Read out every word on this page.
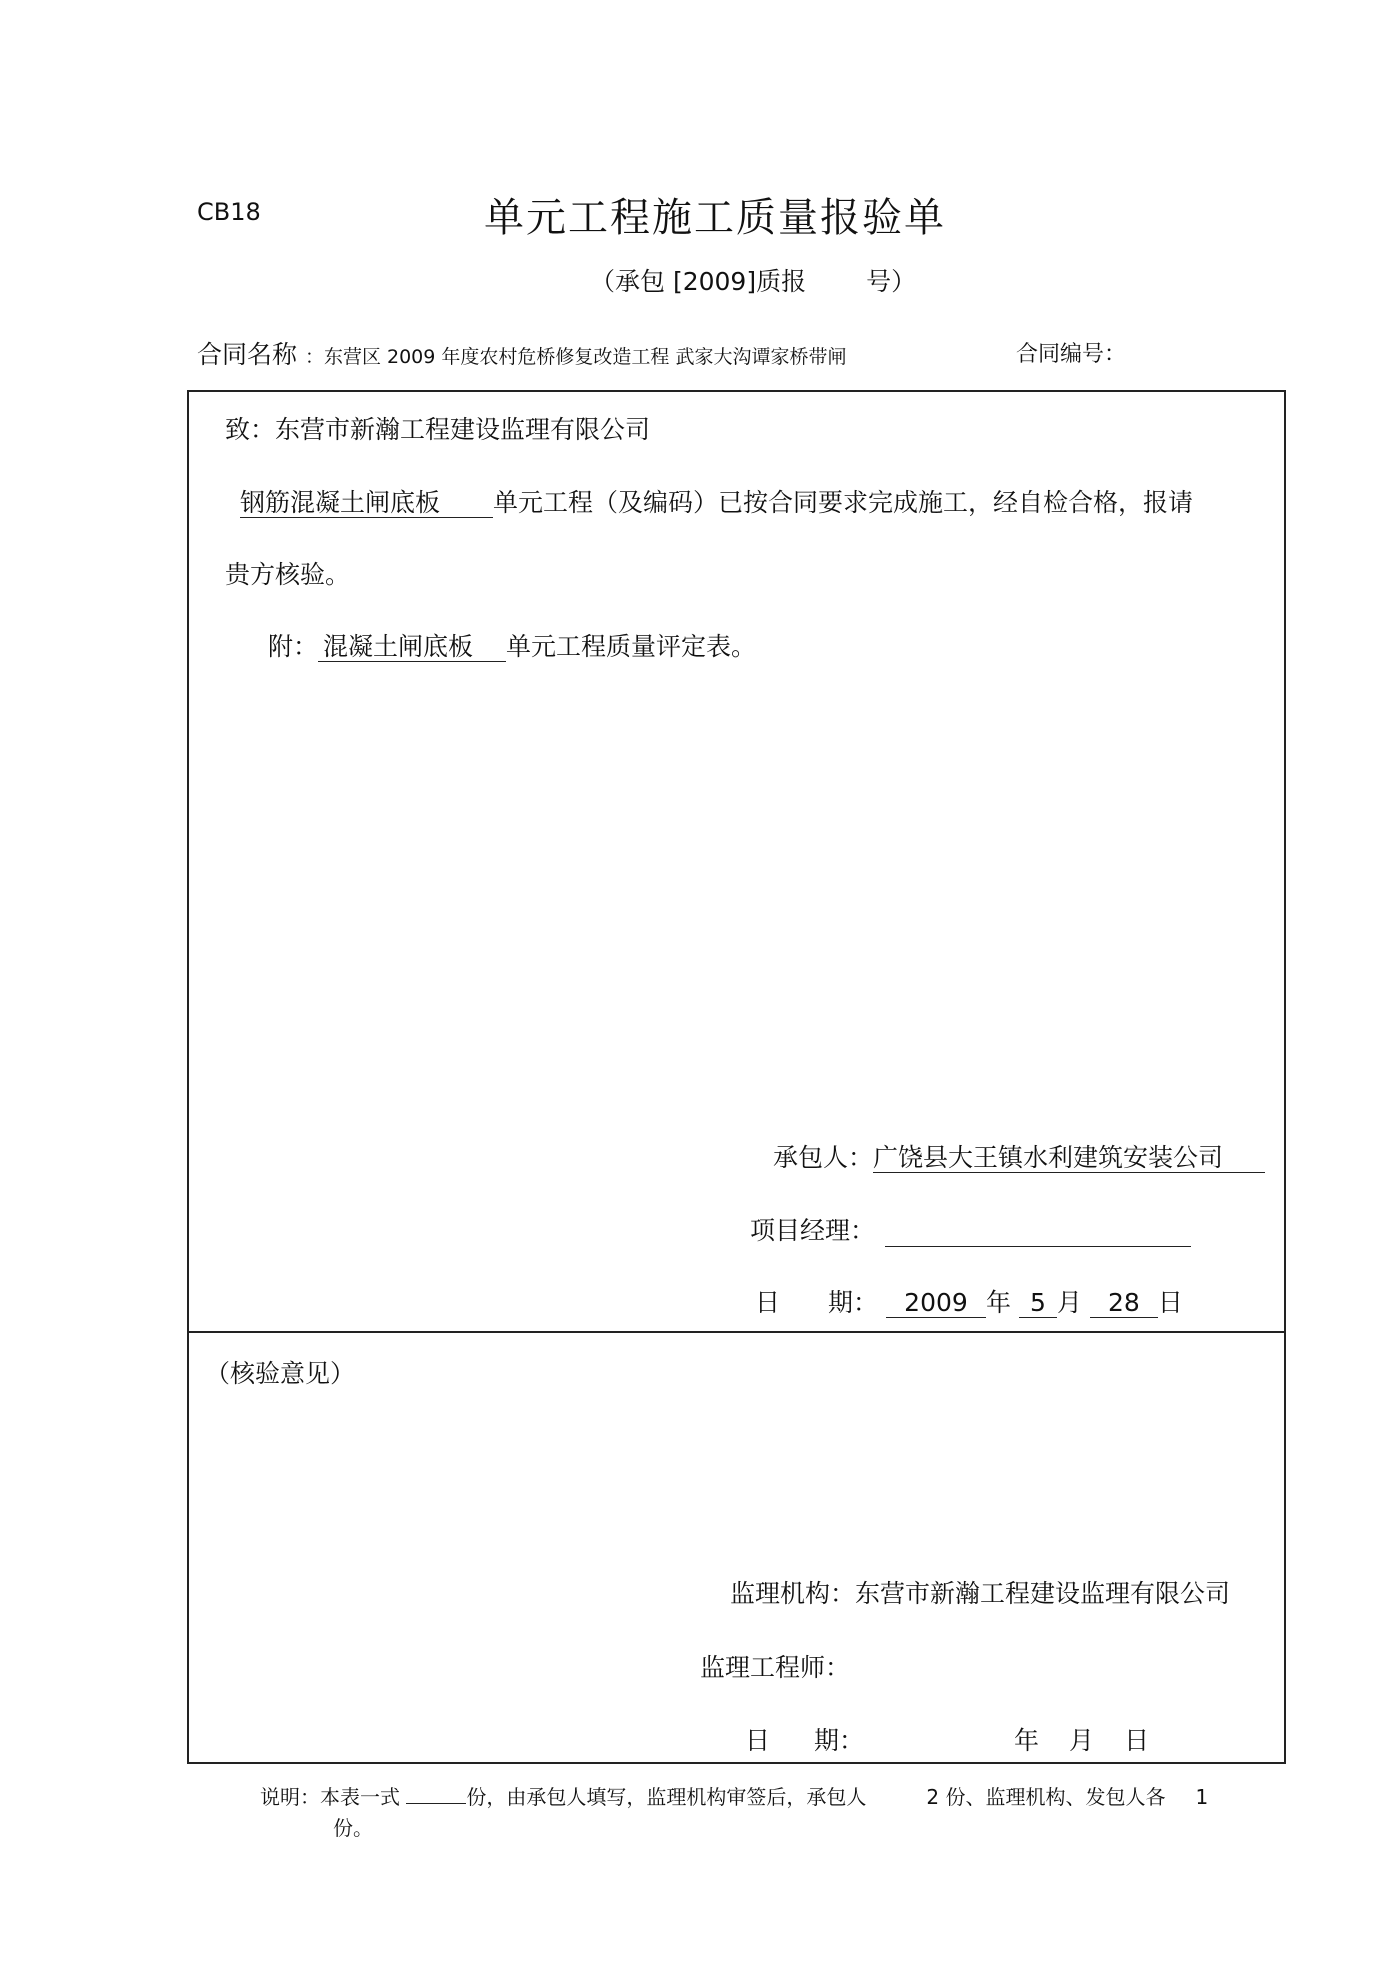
CB18	单元工程施工质量报验单
（承包 [2009]质报 号）
合同名称 ：东营区 2009 年度农村危桥修复改造工程 武家大沟谭家桥带闸	合同编号：
致：东营市新瀚工程建设监理有限公司
钢筋混凝土闸底板 单元工程（及编码）已按合同要求完成施工，经自检合格，报请
贵方核验。
附： 混凝土闸底板 单元工程质量评定表。
承包人：广饶县大王镇水利建筑安装公司
项目经理：
日 期： 2009 年 5 月 28 日
（核验意见）
监理机构：东营市新瀚工程建设监理有限公司
监理工程师：
日 期：	年 月 日
说明：本表一式	份，由承包人填写，监理机构审签后，承包人	2 份、监理机构、发包人各 1
份。
